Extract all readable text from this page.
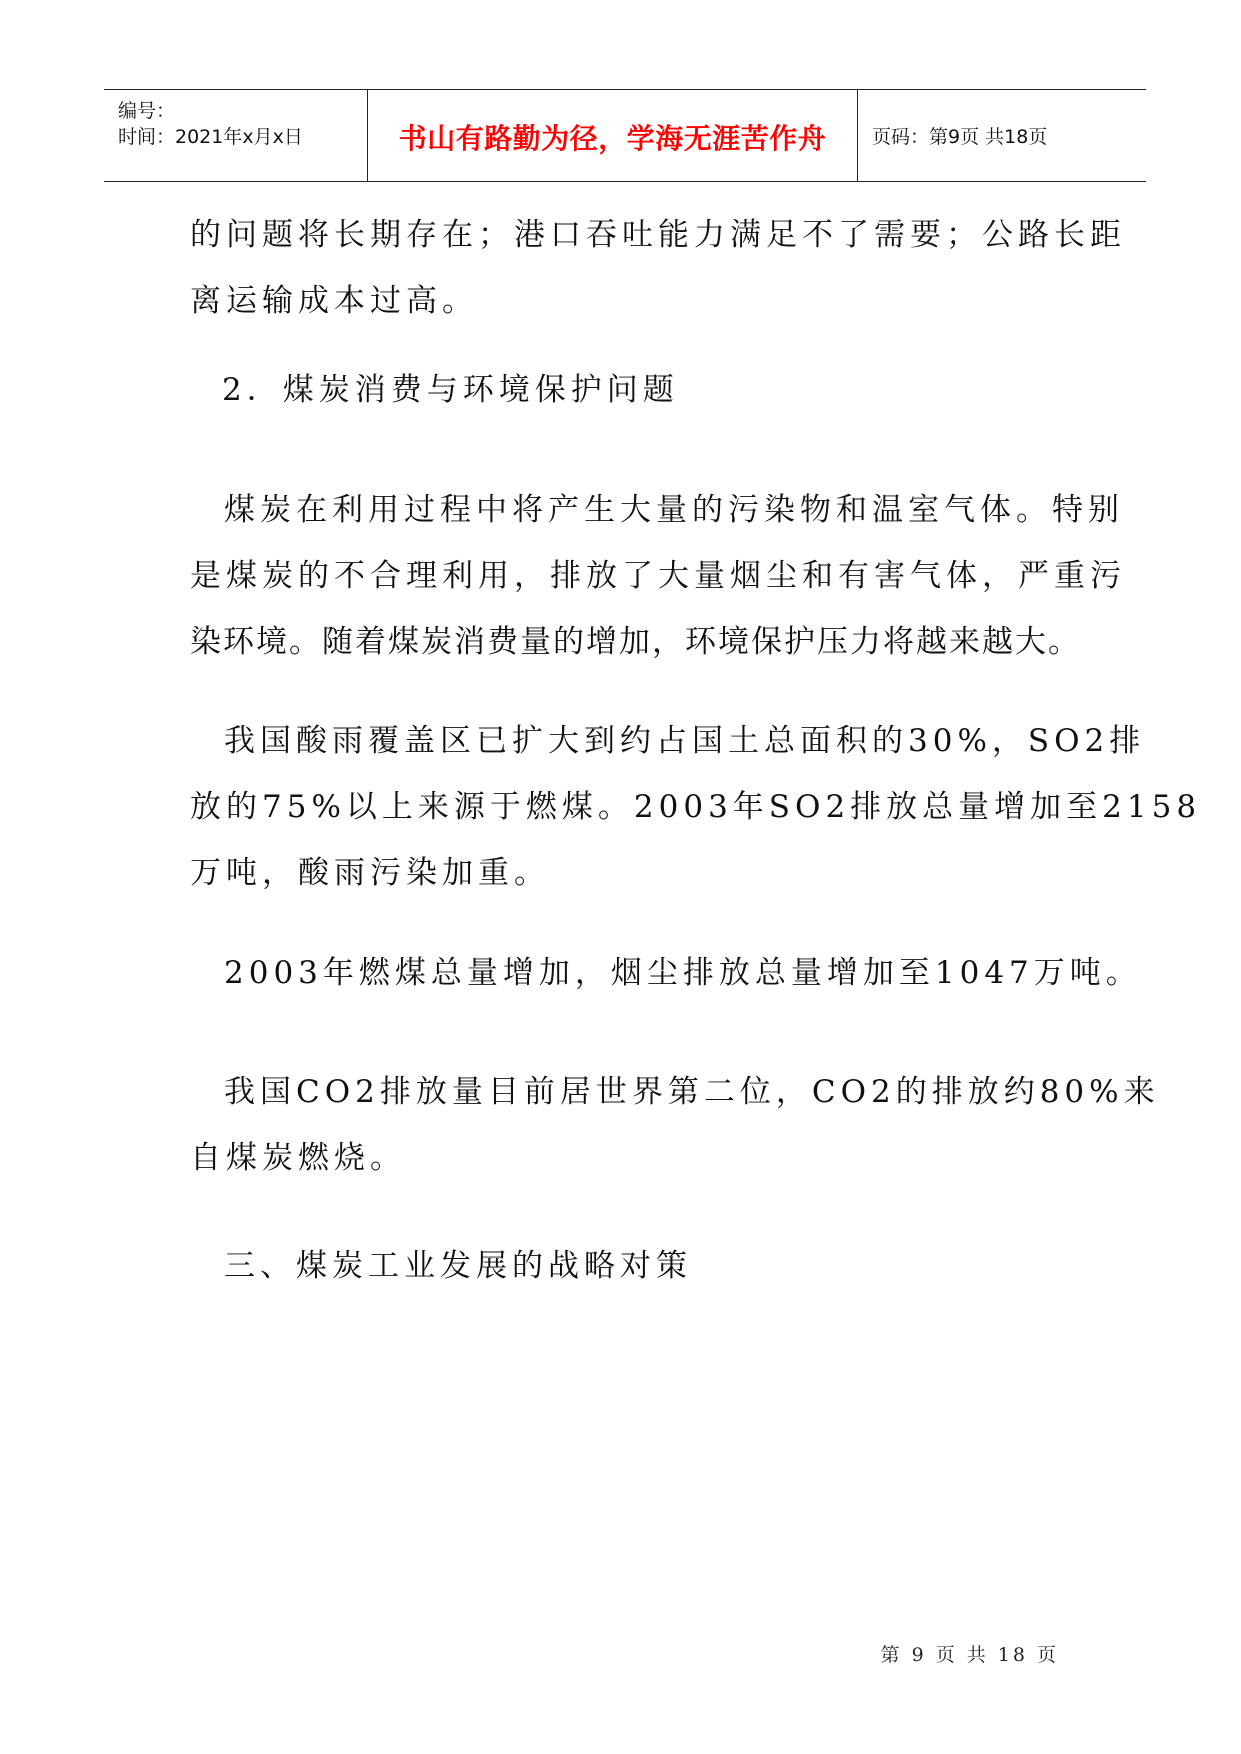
编号：
时间：2021年x月x日	书山有路勤为径，学海无涯苦作舟 页码：第9页 共18页
的问题将长期存在；港口吞吐能力满足不了需要；公路长距
离运输成本过高。
2．煤炭消费与环境保护问题
煤炭在利用过程中将产生大量的污染物和温室气体。特别
是煤炭的不合理利用，排放了大量烟尘和有害气体，严重污
染环境。随着煤炭消费量的增加，环境保护压力将越来越大。
我国酸雨覆盖区已扩大到约占国土总面积的30%，SO2排
放的75%以上来源于燃煤。2003年SO2排放总量增加至2158
万吨，酸雨污染加重。
2003年燃煤总量增加，烟尘排放总量增加至1047万吨。
我国CO2排放量目前居世界第二位，CO2的排放约80%来
自煤炭燃烧。
三、煤炭工业发展的战略对策
第 9 页 共 18 页
